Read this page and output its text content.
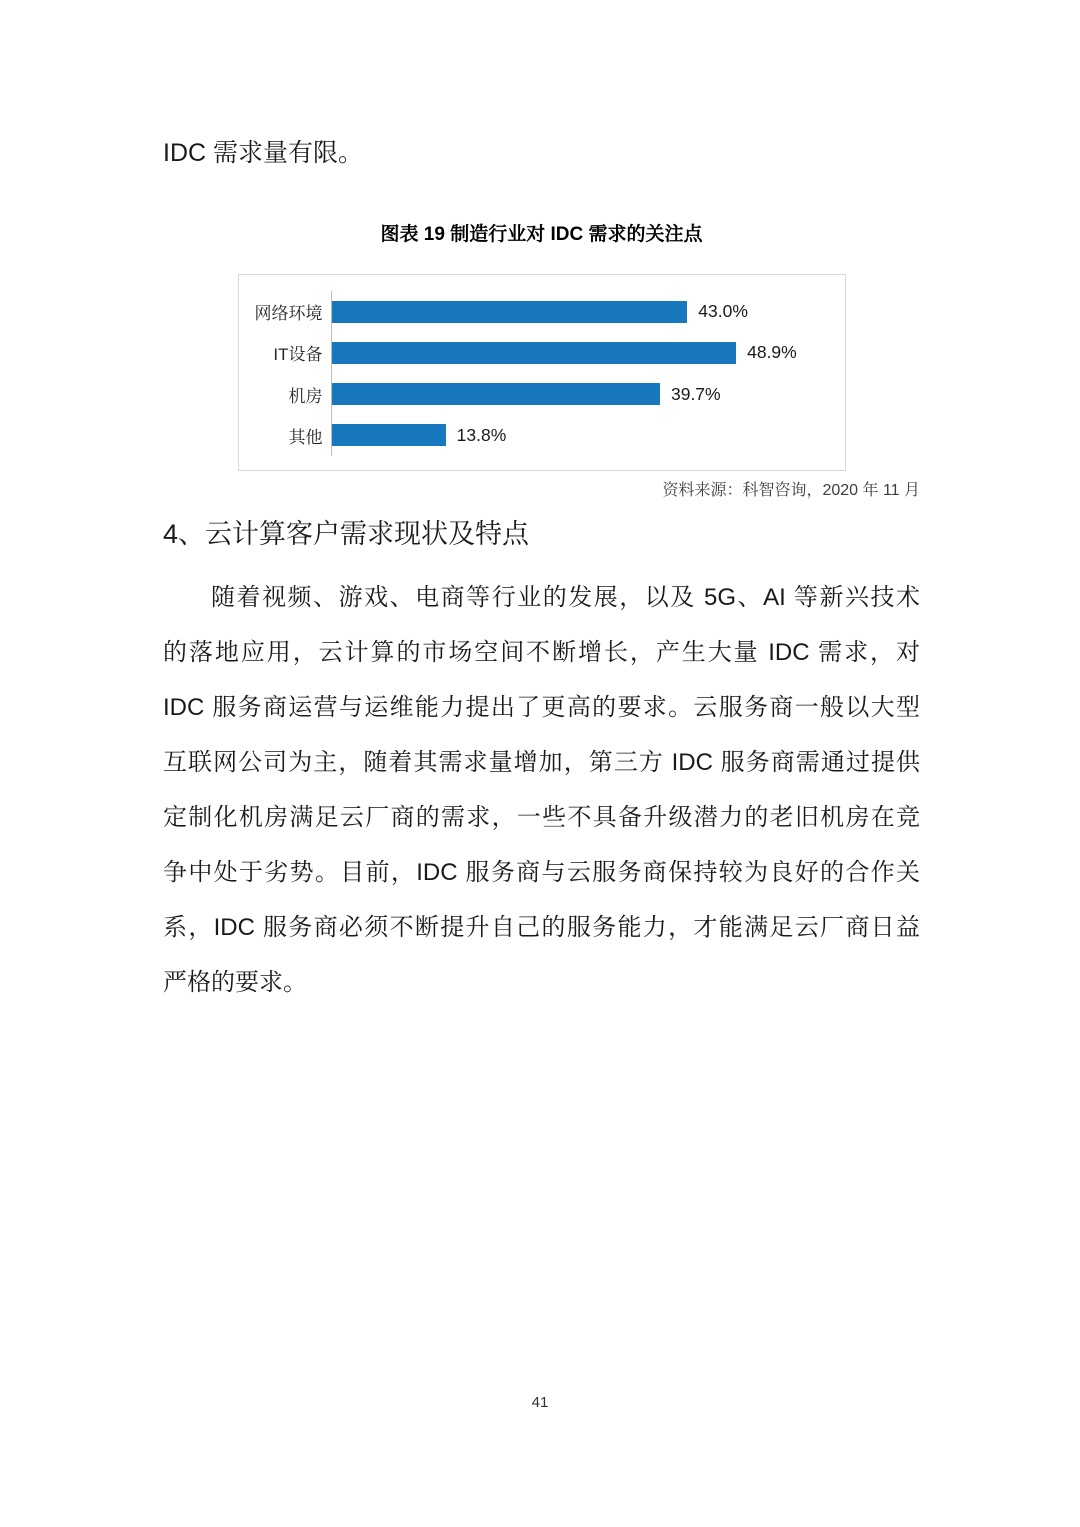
IDC 需求量有限。

图表 19 制造行业对 IDC 需求的关注点
网络环境	43.0%
IT设备	48.9%
机房	39.7%
其他	13.8%
资料来源：科智咨询，2020 年 11 月
4、云计算客户需求现状及特点
随着视频、游戏、电商等行业的发展，以及 5G、AI 等新兴技术
的落地应用，云计算的市场空间不断增长，产生大量 IDC 需求，对
IDC 服务商运营与运维能力提出了更高的要求。云服务商一般以大型
互联网公司为主，随着其需求量增加，第三方 IDC 服务商需通过提供
定制化机房满足云厂商的需求，一些不具备升级潜力的老旧机房在竞
争中处于劣势。目前，IDC 服务商与云服务商保持较为良好的合作关
系，IDC 服务商必须不断提升自己的服务能力，才能满足云厂商日益
严格的要求。
41
